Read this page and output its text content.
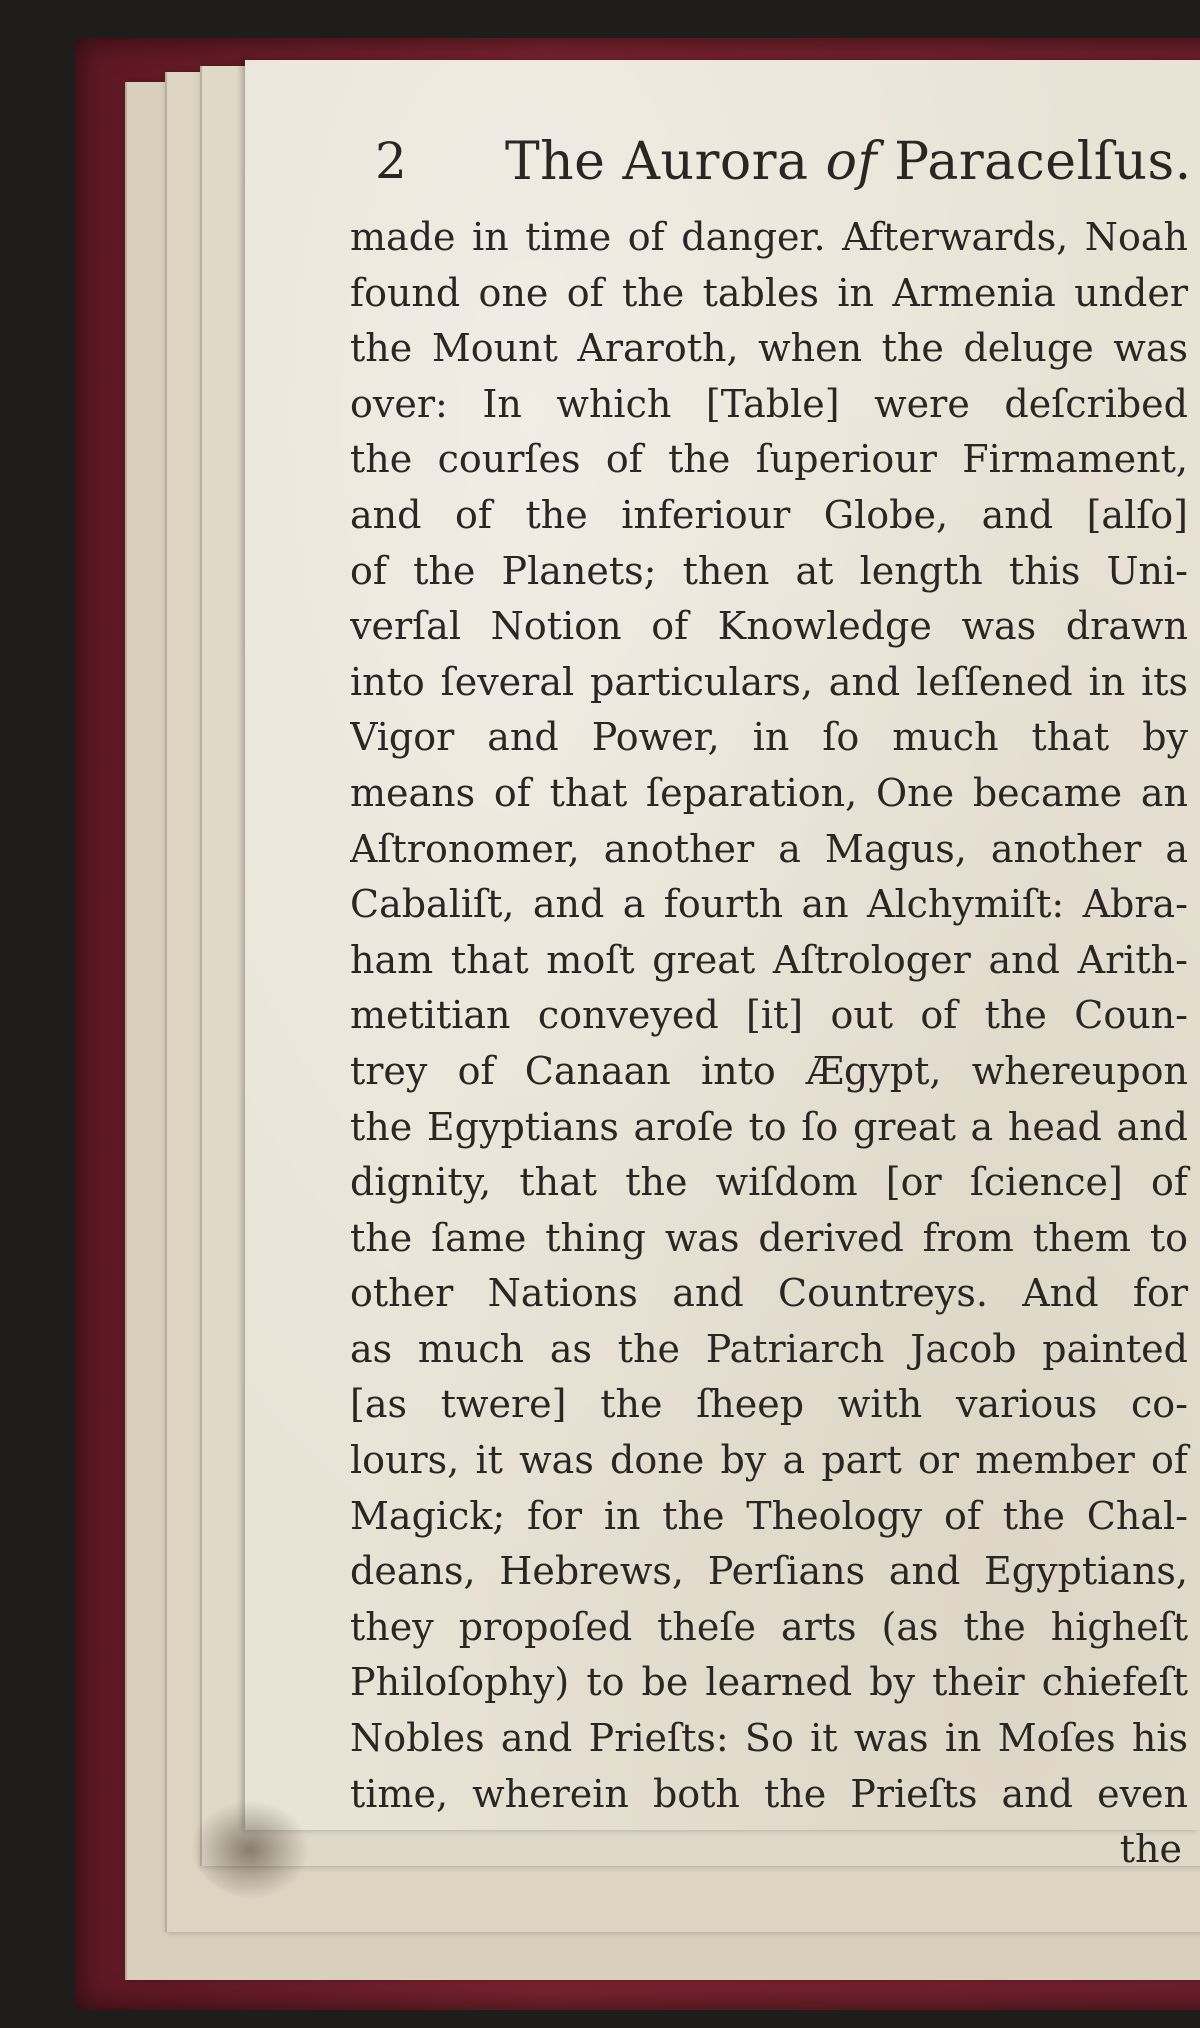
2 The Aurora of Paracelſus.
made in time of danger. Afterwards, Noah
found one of the tables in Armenia under
the Mount Araroth, when the deluge was
over: In which [Table] were deſcribed
the courſes of the ſuperiour Firmament,
and of the inferiour Globe, and [alſo]
of the Planets; then at length this Uni-
verſal Notion of Knowledge was drawn
into ſeveral particulars, and leſſened in its
Vigor and Power, in ſo much that by
means of that ſeparation, One became an
Aſtronomer, another a Magus, another a
Cabaliſt, and a fourth an Alchymiſt: Abra-
ham that moſt great Aſtrologer and Arith-
metitian conveyed [it] out of the Coun-
trey of Canaan into Ægypt, whereupon
the Egyptians aroſe to ſo great a head and
dignity, that the wiſdom [or ſcience] of
the ſame thing was derived from them to
other Nations and Countreys. And for
as much as the Patriarch Jacob painted
[as twere] the ſheep with various co-
lours, it was done by a part or member of
Magick; for in the Theology of the Chal-
deans, Hebrews, Perſians and Egyptians,
they propoſed theſe arts (as the higheſt
Philoſophy) to be learned by their chiefeſt
Nobles and Prieſts: So it was in Moſes his
time, wherein both the Prieſts and even
the
